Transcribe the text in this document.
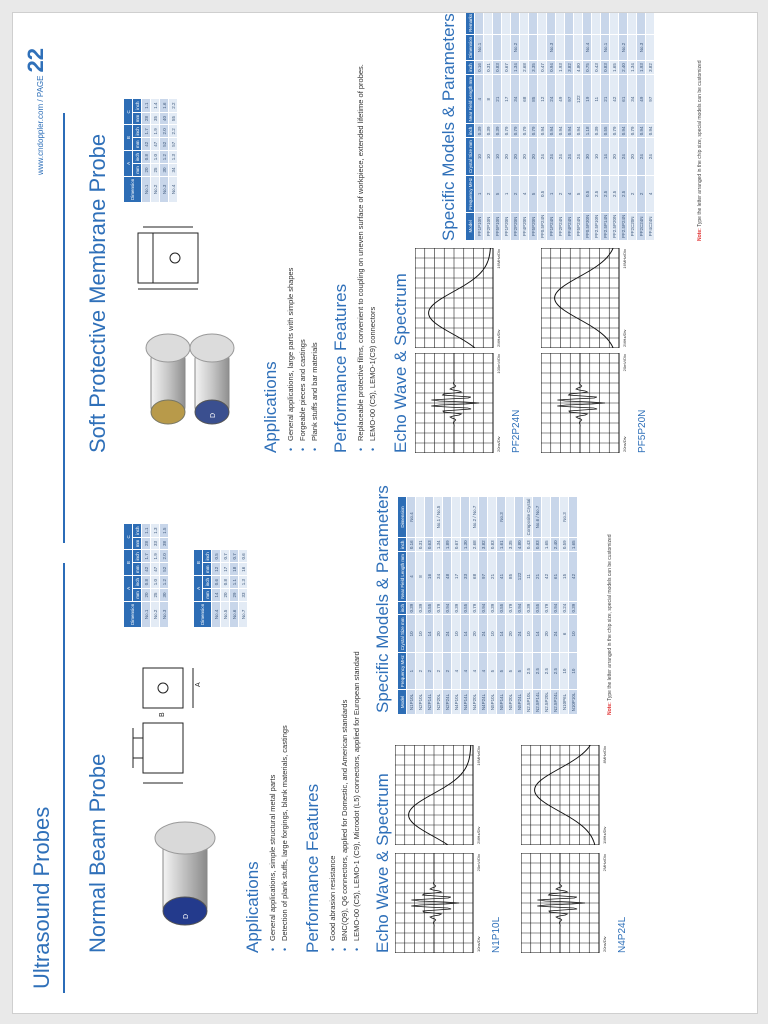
Ultrasound Probes
www.cndoppler.com / PAGE22
Normal Beam Probe	D
A
B
Dimension	A		B		C	
	mm	inch	mm	inch	mm	inch
No.1	20	0.8	42	1.7	28	1.1
No.2	25	1.0	47	1.9	33	1.3
No.3	30	1.2	52	2.0	38	1.5
Dimension	A		B	
	mm	inch	mm	inch
No.4	14	0.6	12	0.5
No.5	20	0.8	17	0.7
No.6	29	1.1	18	0.7
No.7	33	1.3	16	0.6
Applications • General applications, simple structural metal parts • Detection of plank stuffs, large forgings, blank materials, castings Performance Features • Good abrasion resistance • BNC(Q9), Q6 connectors, applied for Domestic, and American standards • LEMO-00 (C5), LEMO-1 (C9), Microdot (L5) connectors, applied for European standard Echo Wave & Spectrum
Specific Models & Parameters
10ns/Div
20mV/Div
2MHz/Div
16MHz/Div
N1P10L	20ns/Div
2MHz/Div
1MHz/Div
8MHz/Div
N4P24L
Model	Frequency MHz	Crystal Size mm	inch	Near Field Length mm	inch	Dimension
N1P10L	1	10	0.39	4	0.16	No.4
N2P10L	2	10	0.39	8	0.31	
N2P14L	2	14	0.55	16	0.63	
N2P20L	2	20	0.79	34	1.34	No.1 / No.5
N2P24L	2	24	0.94	48	1.89	
N4P10L	4	10	0.39	17	0.67	
N4P14L	4	14	0.55	33	1.30	
N4P20L	4	20	0.79	68	2.68	No.2 / No.7
N4P24L	4	24	0.94	97	3.82	
N5P10L	5	10	0.39	21	0.83	
N5P14L	5	14	0.55	41	1.61	No.3
N5P20L	5	20	0.79	85	3.35	
N5P24L	5	24	0.94	122	4.80	
N2.5P10L	2.5	10	0.39	11	0.43	Composite Crystal
N2.5P14L	2.5	14	0.55	21	0.83	No.6 / No.7
N2.5P20L	2.5	20	0.79	42	1.65	
N2.5P24L	2.5	24	0.94	61	2.40	
N10P6L	10	6	0.24	15	0.59	No.3
N10P10L	10	10	0.39	42	1.65	
Note: Type the letter arranged in the chip size, special models can be customized
Soft Protective Membrane Probe	D
Dimension	A		B		C	
	mm	inch	mm	inch	mm	inch
No.1	20	0.8	42	1.7	28	1.1
No.2	25	1.0	47	1.9	35	1.4
No.3	30	1.2	52	2.0	40	1.6
No.4	34	1.3	57	2.2	55	2.2
Applications • General applications, large parts with simple shapes • Forgeable pieces and castings • Plank stuffs and bar materials Performance Features • Replaceable protective films, convenient to coupling on uneven surface of workpiece, extended lifetime of probes. • LEMO-00 (C5), LEMO-1(C9) connectors Echo Wave & Spectrum
Specific Models & Parameters
20ns/Div
100mV/Div
2MHz/Div
16MHz/Div
PF2P24N	20ns/Div
20mV/Div
2MHz/Div
16MHz/Div
PF5P20N
Model	Frequency MHz	Crystal Size mm	inch	Near Field Length mm	inch	Dimension	Remarks
PF1P10N	1	10	0.39	4	0.16	No.1	
PF2P10N	2	10	0.39	8	0.31		
PF5P10N	5	10	0.39	21	0.83		
PF1P20N	1	20	0.79	17	0.67		
PF2P20N	2	20	0.79	34	1.34	No.2	
PF4P20N	4	20	0.79	68	2.68		
PF5P20N	5	20	0.79	85	3.35		
PF0.5P24N	0.5	24	0.94	12	0.47		
PF1P24N	1	24	0.94	24	0.94	No.3	
PF2P24N	2	24	0.94	49	1.93		
PF4P24N	4	24	0.94	97	3.82		
PF5P24N	5	24	0.94	122	4.80		
PF0.5P30N	0.5	30	1.18	19	0.75	No.4	
PF2.5P10N	2.5	10	0.39	11	0.43		
PF2.5P14N	2.5	14	0.55	21	0.83	No.1	
PF2.5P20N	2.5	20	0.79	42	1.65		
PF2.5P24N	2.5	24	0.94	61	2.40	No.2	
PF2C20N	2	20	0.79	34	1.34		
PF2C24N	2	24	0.94	49	1.93	No.3	
PF4C24N	4	24	0.94	97	3.82		
Note: Type the letter arranged in the chip size, special models can be customized
